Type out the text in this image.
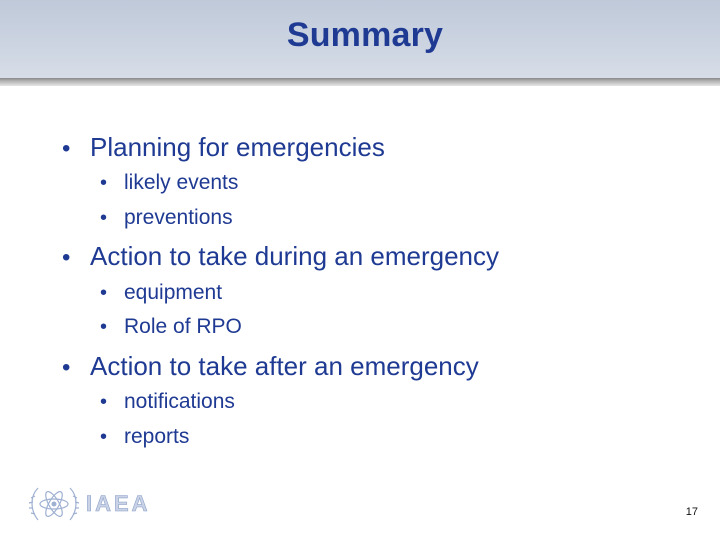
Summary
• Planning for emergencies
• likely events
• preventions
• Action to take during an emergency
• equipment
• Role of RPO
• Action to take after an emergency
• notifications
• reports
IAEA	17
